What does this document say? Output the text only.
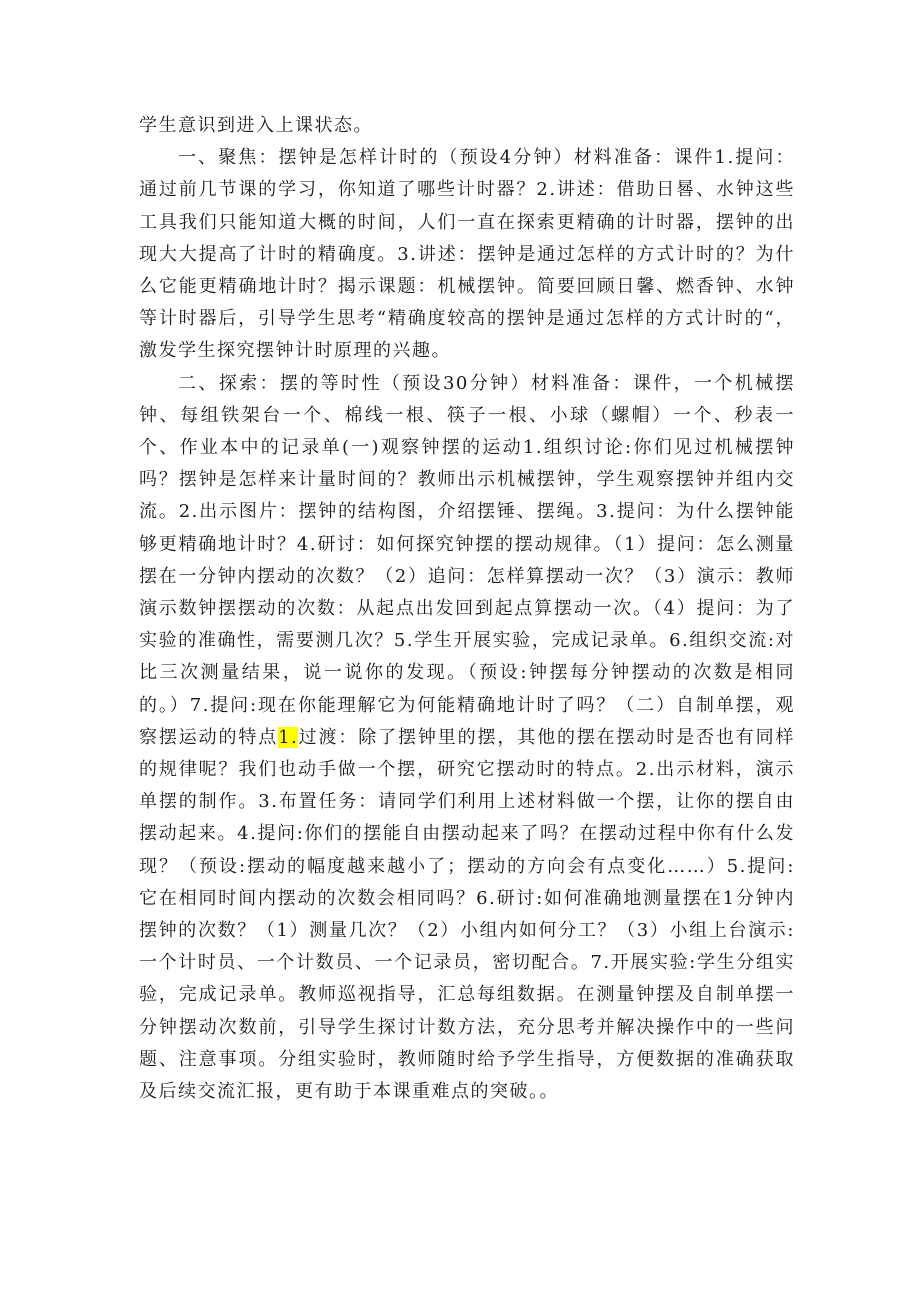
学生意识到进入上课状态。

一、聚焦：摆钟是怎样计时的（预设4分钟）材料准备：课件1.提问：通过前几节课的学习，你知道了哪些计时器？2.讲述：借助日晷、水钟这些工具我们只能知道大概的时间，人们一直在探索更精确的计时器，摆钟的出现大大提高了计时的精确度。3.讲述：摆钟是通过怎样的方式计时的？为什么它能更精确地计时？揭示课题：机械摆钟。简要回顾日馨、燃香钟、水钟等计时器后，引导学生思考“精确度较高的摆钟是通过怎样的方式计时的“，激发学生探究摆钟计时原理的兴趣。

二、探索：摆的等时性（预设30分钟）材料准备：课件，一个机械摆钟、每组铁架台一个、棉线一根、筷子一根、小球（螺帽）一个、秒表一个、作业本中的记录单(一)观察钟摆的运动1.组织讨论:你们见过机械摆钟吗？摆钟是怎样来计量时间的？教师出示机械摆钟，学生观察摆钟并组内交流。2.出示图片：摆钟的结构图，介绍摆锤、摆绳。3.提问：为什么摆钟能够更精确地计时？4.研讨：如何探究钟摆的摆动规律。（1）提问：怎么测量摆在一分钟内摆动的次数？（2）追问：怎样算摆动一次？（3）演示：教师演示数钟摆摆动的次数：从起点出发回到起点算摆动一次。（4）提问：为了实验的准确性，需要测几次？5.学生开展实验，完成记录单。6.组织交流:对比三次测量结果，说一说你的发现。（预设:钟摆每分钟摆动的次数是相同的。）7.提问:现在你能理解它为何能精确地计时了吗？（二）自制单摆，观察摆运动的特点1.过渡：除了摆钟里的摆，其他的摆在摆动时是否也有同样的规律呢？我们也动手做一个摆，研究它摆动时的特点。2.出示材料，演示单摆的制作。3.布置任务：请同学们利用上述材料做一个摆，让你的摆自由摆动起来。4.提问:你们的摆能自由摆动起来了吗？在摆动过程中你有什么发现？（预设:摆动的幅度越来越小了；摆动的方向会有点变化……）5.提问:它在相同时间内摆动的次数会相同吗？6.研讨:如何准确地测量摆在1分钟内摆钟的次数？（1）测量几次？（2）小组内如何分工？（3）小组上台演示:一个计时员、一个计数员、一个记录员，密切配合。7.开展实验:学生分组实验，完成记录单。教师巡视指导，汇总每组数据。在测量钟摆及自制单摆一分钟摆动次数前，引导学生探讨计数方法，充分思考并解决操作中的一些问题、注意事项。分组实验时，教师随时给予学生指导，方便数据的准确获取及后续交流汇报，更有助于本课重难点的突破。。
